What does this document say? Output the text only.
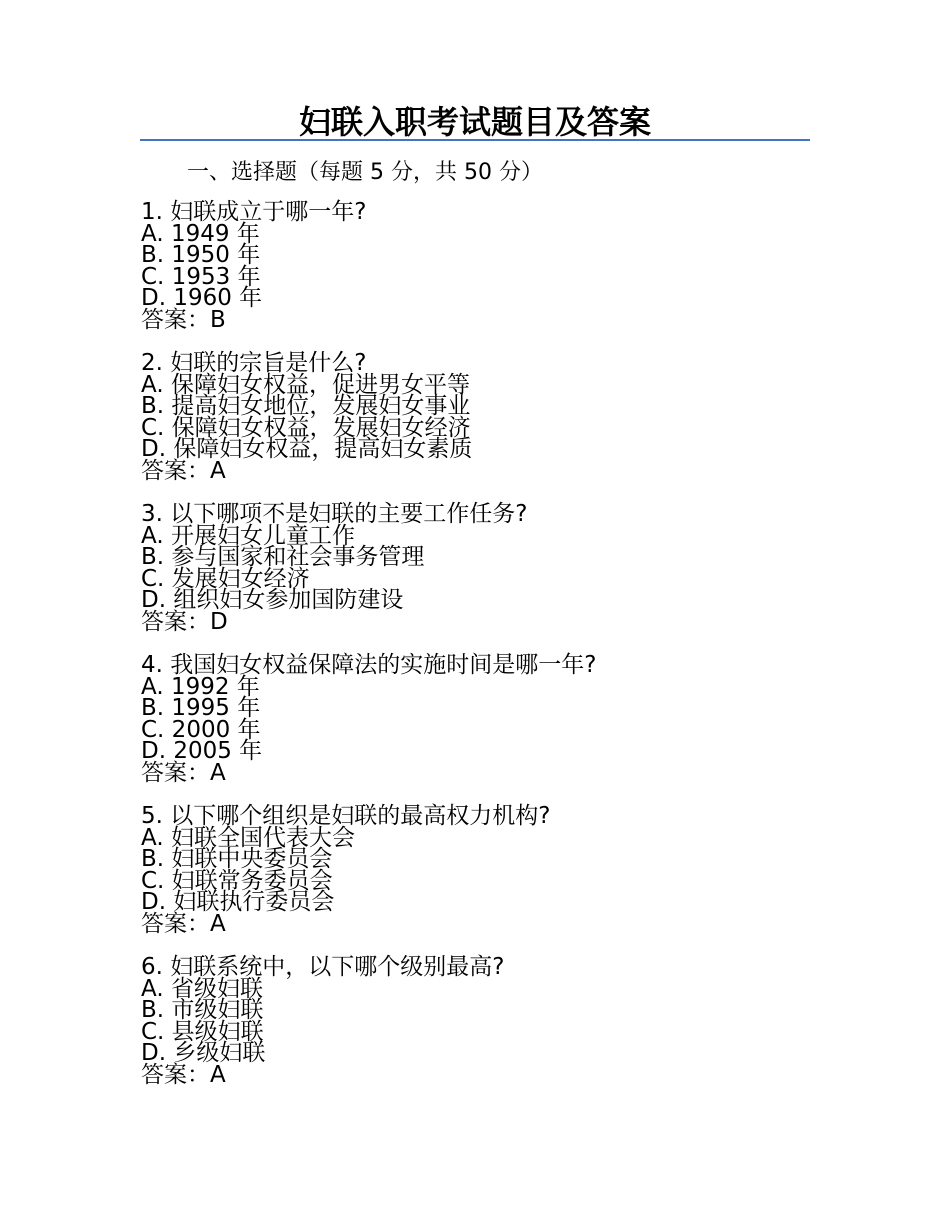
妇联入职考试题目及答案

一、选择题（每题 5 分，共 50 分）

1. 妇联成立于哪一年?
A. 1949 年
B. 1950 年
C. 1953 年
D. 1960 年
答案：B
2. 妇联的宗旨是什么?
A. 保障妇女权益，促进男女平等
B. 提高妇女地位，发展妇女事业
C. 保障妇女权益，发展妇女经济
D. 保障妇女权益，提高妇女素质
答案：A
3. 以下哪项不是妇联的主要工作任务?
A. 开展妇女儿童工作
B. 参与国家和社会事务管理
C. 发展妇女经济
D. 组织妇女参加国防建设
答案：D
4. 我国妇女权益保障法的实施时间是哪一年?
A. 1992 年
B. 1995 年
C. 2000 年
D. 2005 年
答案：A
5. 以下哪个组织是妇联的最高权力机构?
A. 妇联全国代表大会
B. 妇联中央委员会
C. 妇联常务委员会
D. 妇联执行委员会
答案：A
6. 妇联系统中，以下哪个级别最高?
A. 省级妇联
B. 市级妇联
C. 县级妇联
D. 乡级妇联
答案：A
